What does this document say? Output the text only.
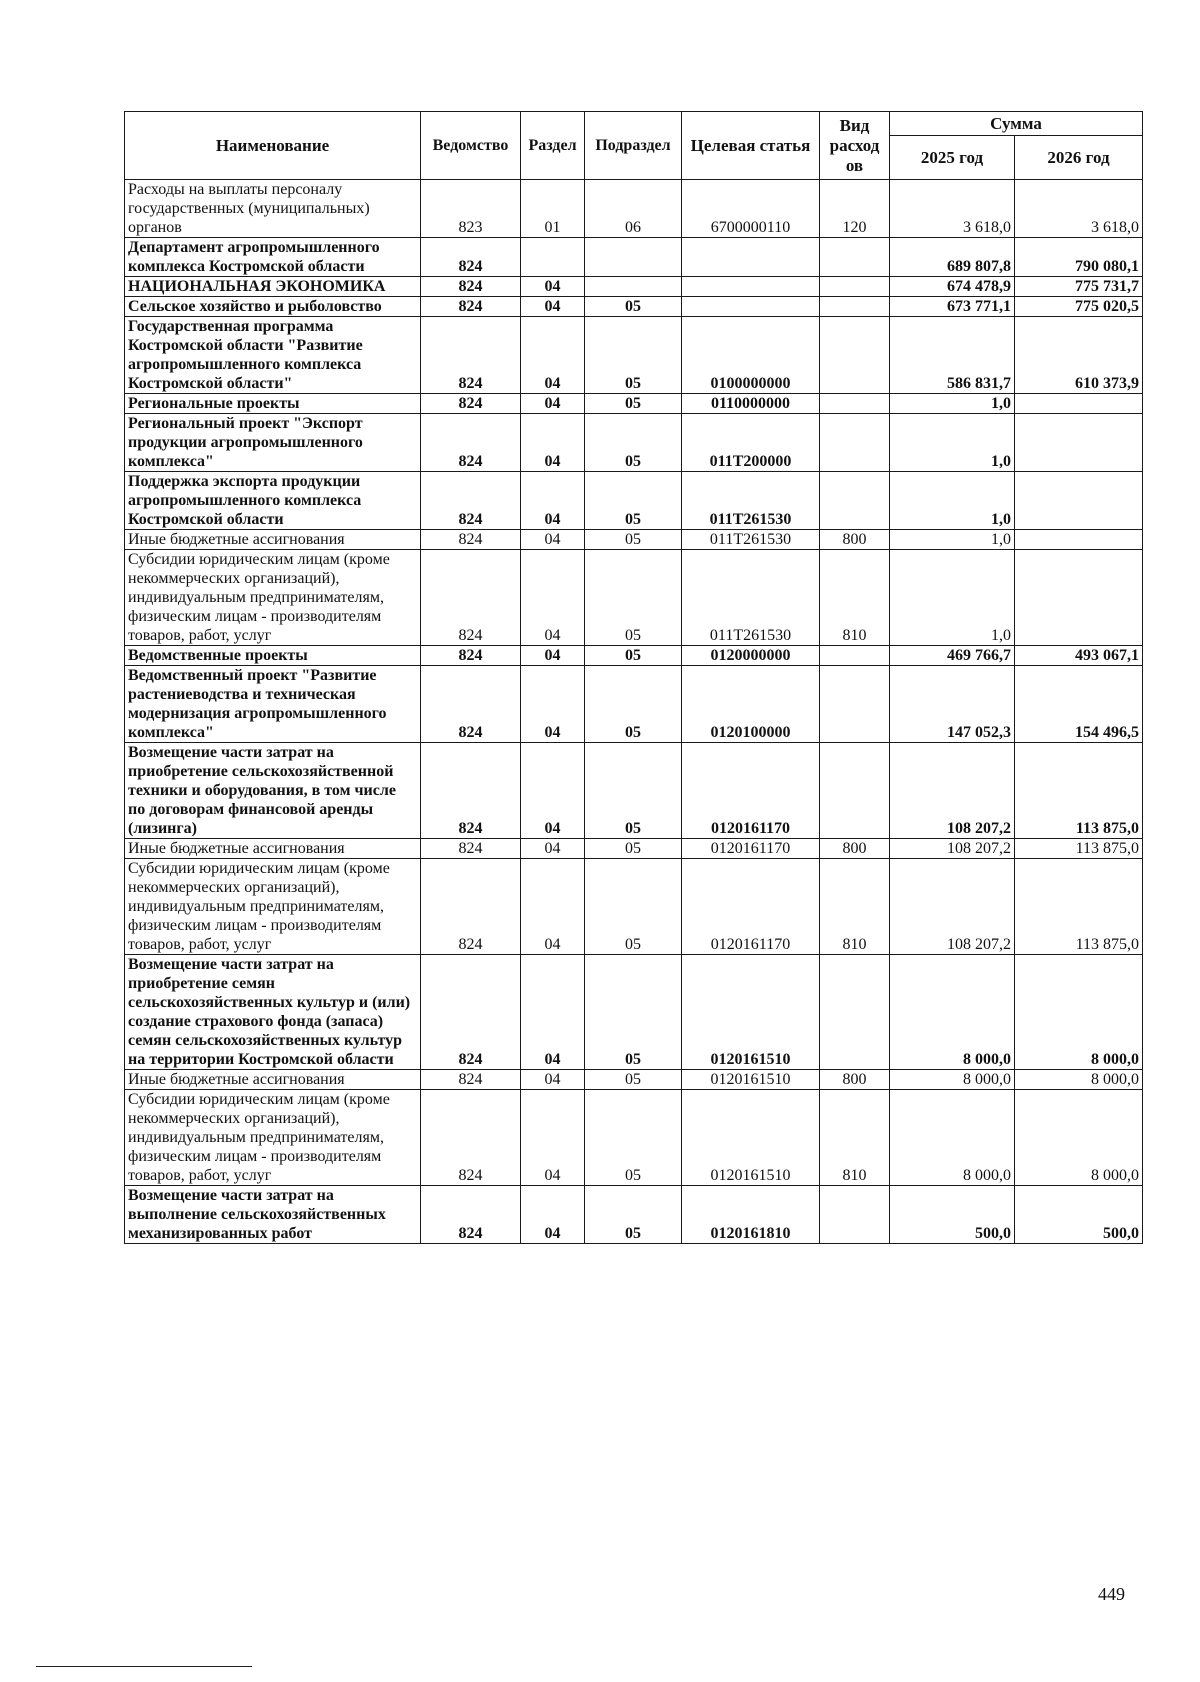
Наименование	Ведомство	Раздел	Подраздел	Целевая статья	Вид расход ов	Сумма	
						2025 год	2026 год
Расходы на выплаты персоналу государственных (муниципальных) органов	823	01	06	6700000110	120	3 618,0	3 618,0
Департамент агропромышленного комплекса Костромской области	824					689 807,8	790 080,1
НАЦИОНАЛЬНАЯ ЭКОНОМИКА	824	04				674 478,9	775 731,7
Сельское хозяйство и рыболовство	824	04	05			673 771,1	775 020,5
Государственная программа Костромской области "Развитие агропромышленного комплекса Костромской области"	824	04	05	0100000000		586 831,7	610 373,9
Региональные проекты	824	04	05	0110000000		1,0	
Региональный проект "Экспорт продукции агропромышленного комплекса"	824	04	05	011Т200000		1,0	
Поддержка экспорта продукции агропромышленного комплекса Костромской области	824	04	05	011Т261530		1,0	
Иные бюджетные ассигнования	824	04	05	011Т261530	800	1,0	
Субсидии юридическим лицам (кроме некоммерческих организаций), индивидуальным предпринимателям, физическим лицам - производителям товаров, работ, услуг	824	04	05	011Т261530	810	1,0	
Ведомственные проекты	824	04	05	0120000000		469 766,7	493 067,1
Ведомственный проект "Развитие растениеводства и техническая модернизация агропромышленного комплекса"	824	04	05	0120100000		147 052,3	154 496,5
Возмещение части затрат на приобретение сельскохозяйственной техники и оборудования, в том числе по договорам финансовой аренды (лизинга)	824	04	05	0120161170		108 207,2	113 875,0
Иные бюджетные ассигнования	824	04	05	0120161170	800	108 207,2	113 875,0
Субсидии юридическим лицам (кроме некоммерческих организаций), индивидуальным предпринимателям, физическим лицам - производителям товаров, работ, услуг	824	04	05	0120161170	810	108 207,2	113 875,0
Возмещение части затрат на приобретение семян сельскохозяйственных культур и (или) создание страхового фонда (запаса) семян сельскохозяйственных культур на территории Костромской области	824	04	05	0120161510		8 000,0	8 000,0
Иные бюджетные ассигнования	824	04	05	0120161510	800	8 000,0	8 000,0
Субсидии юридическим лицам (кроме некоммерческих организаций), индивидуальным предпринимателям, физическим лицам - производителям товаров, работ, услуг	824	04	05	0120161510	810	8 000,0	8 000,0
Возмещение части затрат на выполнение сельскохозяйственных механизированных работ	824	04	05	0120161810		500,0	500,0
449
